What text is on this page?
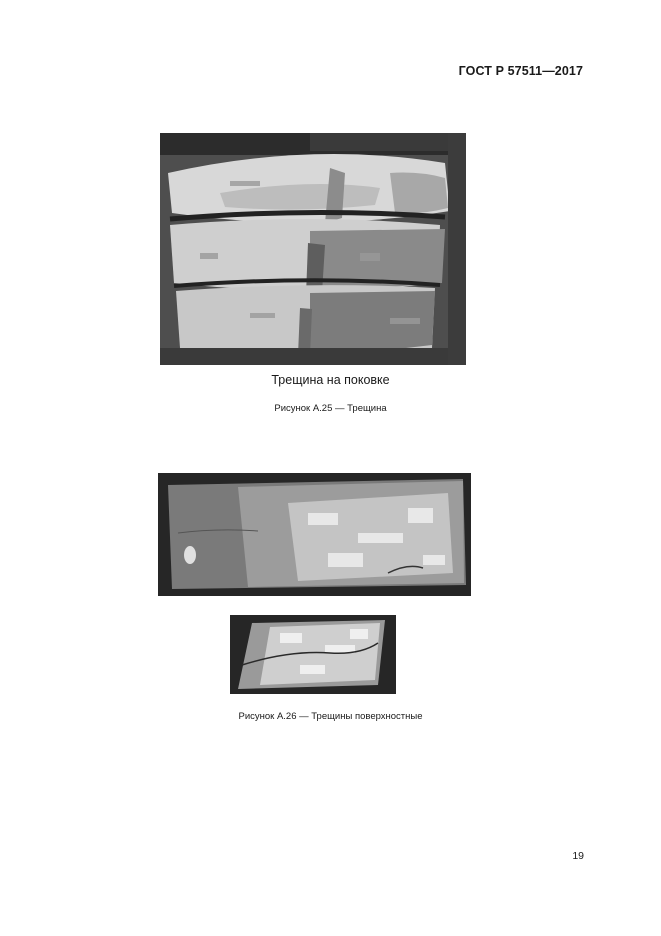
ГОСТ Р 57511—2017
Трещина на поковке
Рисунок А.25 — Трещина
Рисунок А.26 — Трещины поверхностные
19
